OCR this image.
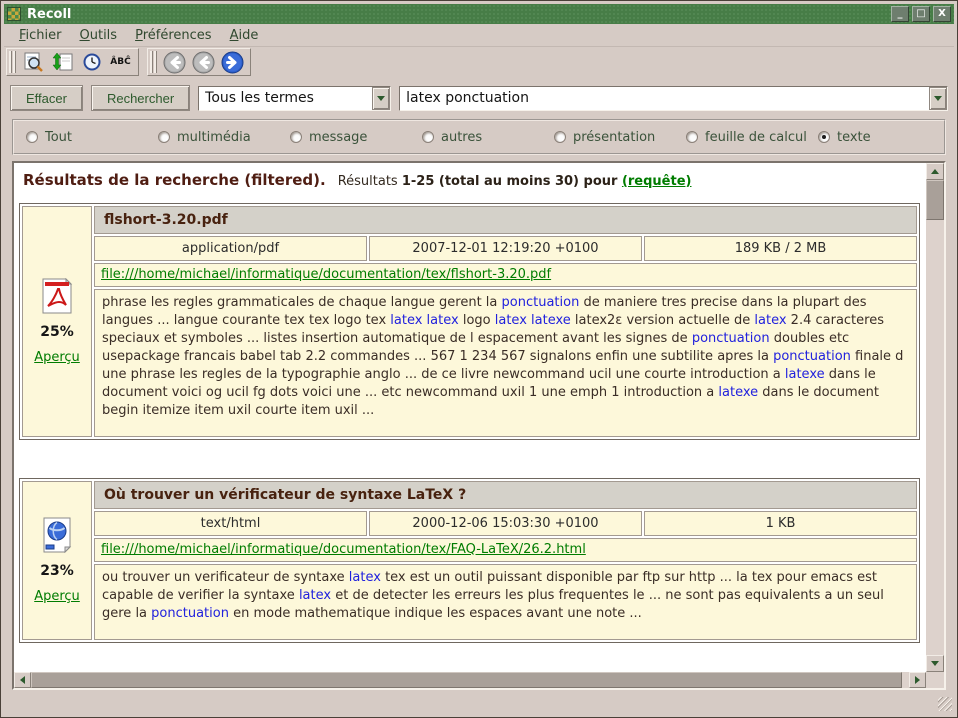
Recoll	_	□	X
Fichier	Outils	Préférences	Aide
ÂBĈ
Effacer	Rechercher	Tous les termes
latex ponctuation
Tout	multimédia	message	autres	présentation	feuille de calcul texte
Résultats de la recherche (filtered). Résultats 1-25 (total au moins 30) pour (requête)
25%
Aperçu	flshort-3.20.pdf		
	application/pdf	2007-12-01 12:19:20 +0100	189 KB / 2 MB
	file:///home/michael/informatique/documentation/tex/flshort-3.20.pdf		
	phrase les regles grammaticales de chaque langue gerent la ponctuation de maniere tres precise dans la plupart des langues ... langue courante tex tex logo tex latex latex logo latex latexe latex2ε version actuelle de latex 2.4 caracteres speciaux et symboles ... listes insertion automatique de l espacement avant les signes de ponctuation doubles etc usepackage francais babel tab 2.2 commandes ... 567 1 234 567 signalons enfin une subtilite apres la ponctuation finale d une phrase les regles de la typographie anglo ... de ce livre newcommand ucil une courte introduction a latexe dans le document voici og ucil fg dots voici une ... etc newcommand uxil 1 une emph 1 introduction a latexe dans le document begin itemize item uxil courte item uxil ...		
23%
Aperçu	Où trouver un vérificateur de syntaxe LaTeX ?		
	text/html	2000-12-06 15:03:30 +0100	1 KB
	file:///home/michael/informatique/documentation/tex/FAQ-LaTeX/26.2.html		
	ou trouver un verificateur de syntaxe latex tex est un outil puissant disponible par ftp sur http ... la tex pour emacs est capable de verifier la syntaxe latex et de detecter les erreurs les plus frequentes le ... ne sont pas equivalents a un seul gere la ponctuation en mode mathematique indique les espaces avant une note ...		
